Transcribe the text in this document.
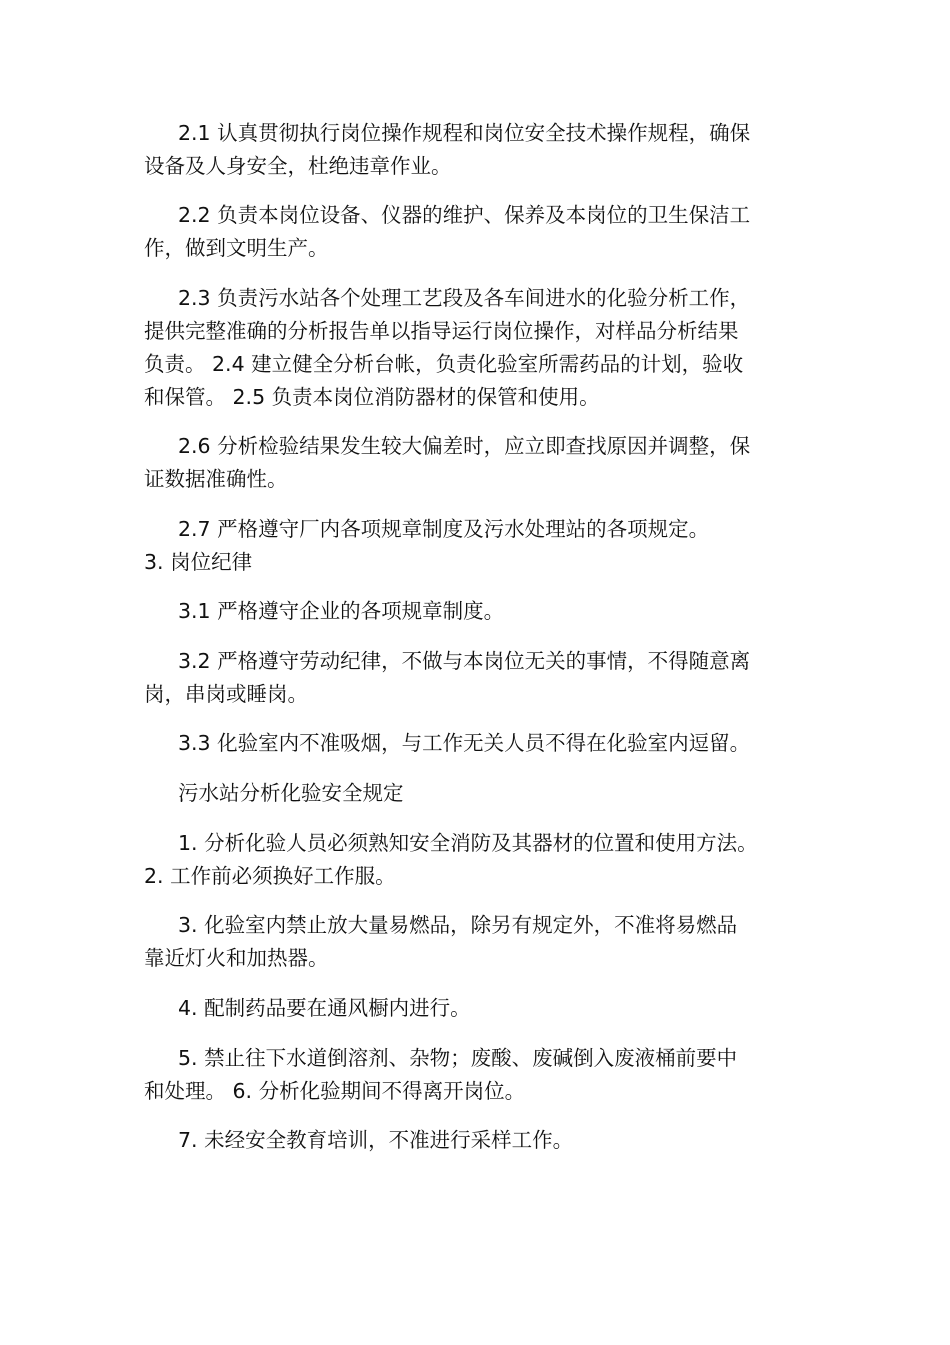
2.1 认真贯彻执行岗位操作规程和岗位安全技术操作规程，确保
设备及人身安全，杜绝违章作业。
2.2 负责本岗位设备、仪器的维护、保养及本岗位的卫生保洁工
作，做到文明生产。
2.3 负责污水站各个处理工艺段及各车间进水的化验分析工作，
提供完整准确的分析报告单以指导运行岗位操作，对样品分析结果
负责。 2.4 建立健全分析台帐，负责化验室所需药品的计划，验收
和保管。 2.5 负责本岗位消防器材的保管和使用。
2.6 分析检验结果发生较大偏差时，应立即查找原因并调整，保
证数据准确性。
2.7 严格遵守厂内各项规章制度及污水处理站的各项规定。
3. 岗位纪律
3.1 严格遵守企业的各项规章制度。
3.2 严格遵守劳动纪律，不做与本岗位无关的事情，不得随意离
岗，串岗或睡岗。
3.3 化验室内不准吸烟，与工作无关人员不得在化验室内逗留。
污水站分析化验安全规定
1. 分析化验人员必须熟知安全消防及其器材的位置和使用方法。
2. 工作前必须换好工作服。
3. 化验室内禁止放大量易燃品，除另有规定外，不准将易燃品
靠近灯火和加热器。
4. 配制药品要在通风橱内进行。
5. 禁止往下水道倒溶剂、杂物；废酸、废碱倒入废液桶前要中
和处理。 6. 分析化验期间不得离开岗位。
7. 未经安全教育培训，不准进行采样工作。
